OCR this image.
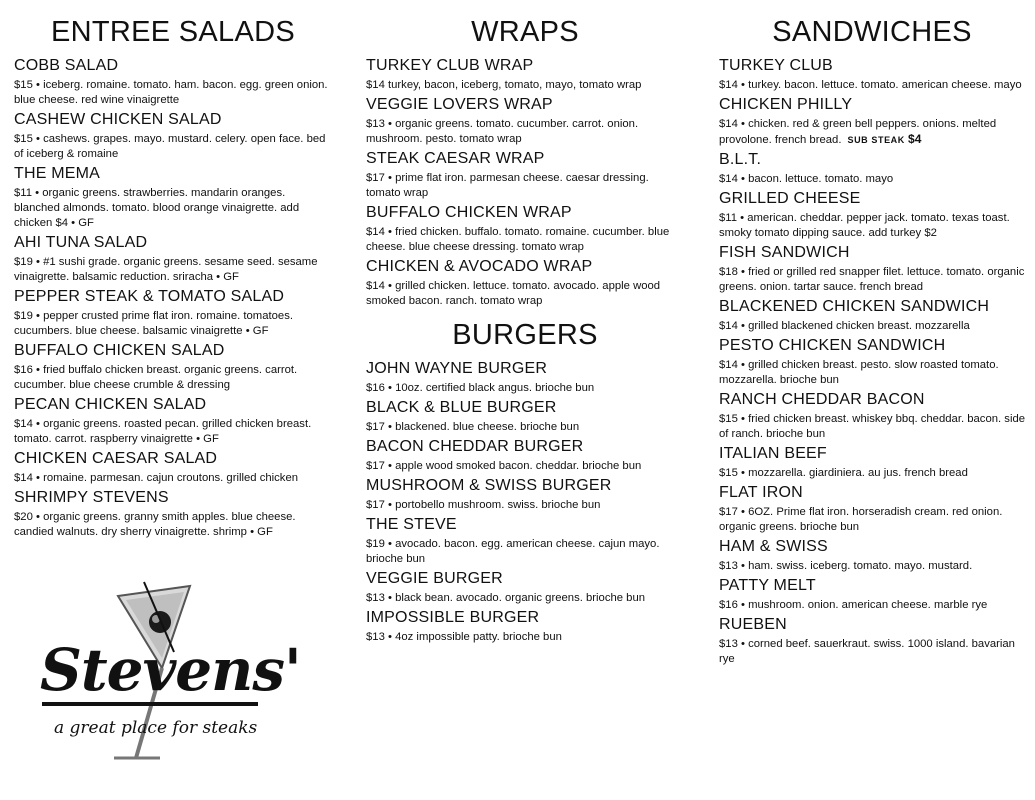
ENTREE SALADS
COBB SALAD
$15 • iceberg. romaine. tomato. ham. bacon. egg. green onion. blue cheese. red wine vinaigrette
CASHEW CHICKEN SALAD
$15 • cashews. grapes. mayo. mustard. celery. open face. bed of iceberg & romaine
THE MEMA
$11 • organic greens. strawberries. mandarin oranges. blanched almonds. tomato. blood orange vinaigrette. add chicken $4 • GF
AHI TUNA SALAD
$19 • #1 sushi grade. organic greens. sesame seed. sesame vinaigrette. balsamic reduction. sriracha • GF
PEPPER STEAK & TOMATO SALAD
$19 • pepper crusted prime flat iron. romaine. tomatoes. cucumbers. blue cheese. balsamic vinaigrette • GF
BUFFALO CHICKEN SALAD
$16 • fried buffalo chicken breast. organic greens. carrot. cucumber. blue cheese crumble & dressing
PECAN CHICKEN SALAD
$14 • organic greens. roasted pecan. grilled chicken breast. tomato. carrot. raspberry vinaigrette • GF
CHICKEN CAESAR SALAD
$14 • romaine. parmesan. cajun croutons. grilled chicken
SHRIMPY STEVENS
$20 • organic greens. granny smith apples. blue cheese. candied walnuts. dry sherry vinaigrette. shrimp • GF
Stevens'
a great place for steaks
WRAPS
TURKEY CLUB WRAP
$14 turkey, bacon, iceberg, tomato, mayo, tomato wrap
VEGGIE LOVERS WRAP
$13 • organic greens. tomato. cucumber. carrot. onion. mushroom. pesto. tomato wrap
STEAK CAESAR WRAP
$17 • prime flat iron. parmesan cheese. caesar dressing. tomato wrap
BUFFALO CHICKEN WRAP
$14 • fried chicken. buffalo. tomato. romaine. cucumber. blue cheese. blue cheese dressing. tomato wrap
CHICKEN & AVOCADO WRAP
$14 • grilled chicken. lettuce. tomato. avocado. apple wood smoked bacon. ranch. tomato wrap
BURGERS
JOHN WAYNE BURGER
$16 • 10oz. certified black angus. brioche bun
BLACK & BLUE BURGER
$17 • blackened. blue cheese. brioche bun
BACON CHEDDAR BURGER
$17 • apple wood smoked bacon. cheddar. brioche bun
MUSHROOM & SWISS BURGER
$17 • portobello mushroom. swiss. brioche bun
THE STEVE
$19 • avocado. bacon. egg. american cheese. cajun mayo. brioche bun
VEGGIE BURGER
$13 • black bean. avocado. organic greens. brioche bun
IMPOSSIBLE BURGER
$13 • 4oz impossible patty. brioche bun
SANDWICHES
TURKEY CLUB
$14 • turkey. bacon. lettuce. tomato. american cheese. mayo
CHICKEN PHILLY
$14 • chicken. red & green bell peppers. onions. melted provolone. french bread. SUB STEAK $4
B.L.T.
$14 • bacon. lettuce. tomato. mayo
GRILLED CHEESE
$11 • american. cheddar. pepper jack. tomato. texas toast. smoky tomato dipping sauce. add turkey $2
FISH SANDWICH
$18 • fried or grilled red snapper filet. lettuce. tomato. organic greens. onion. tartar sauce. french bread
BLACKENED CHICKEN SANDWICH
$14 • grilled blackened chicken breast. mozzarella
PESTO CHICKEN SANDWICH
$14 • grilled chicken breast. pesto. slow roasted tomato. mozzarella. brioche bun
RANCH CHEDDAR BACON
$15 • fried chicken breast. whiskey bbq. cheddar. bacon. side of ranch. brioche bun
ITALIAN BEEF
$15 • mozzarella. giardiniera. au jus. french bread
FLAT IRON
$17 • 6OZ. Prime flat iron. horseradish cream. red onion. organic greens. brioche bun
HAM & SWISS
$13 • ham. swiss. iceberg. tomato. mayo. mustard.
PATTY MELT
$16 • mushroom. onion. american cheese. marble rye
RUEBEN
$13 • corned beef. sauerkraut. swiss. 1000 island. bavarian rye
